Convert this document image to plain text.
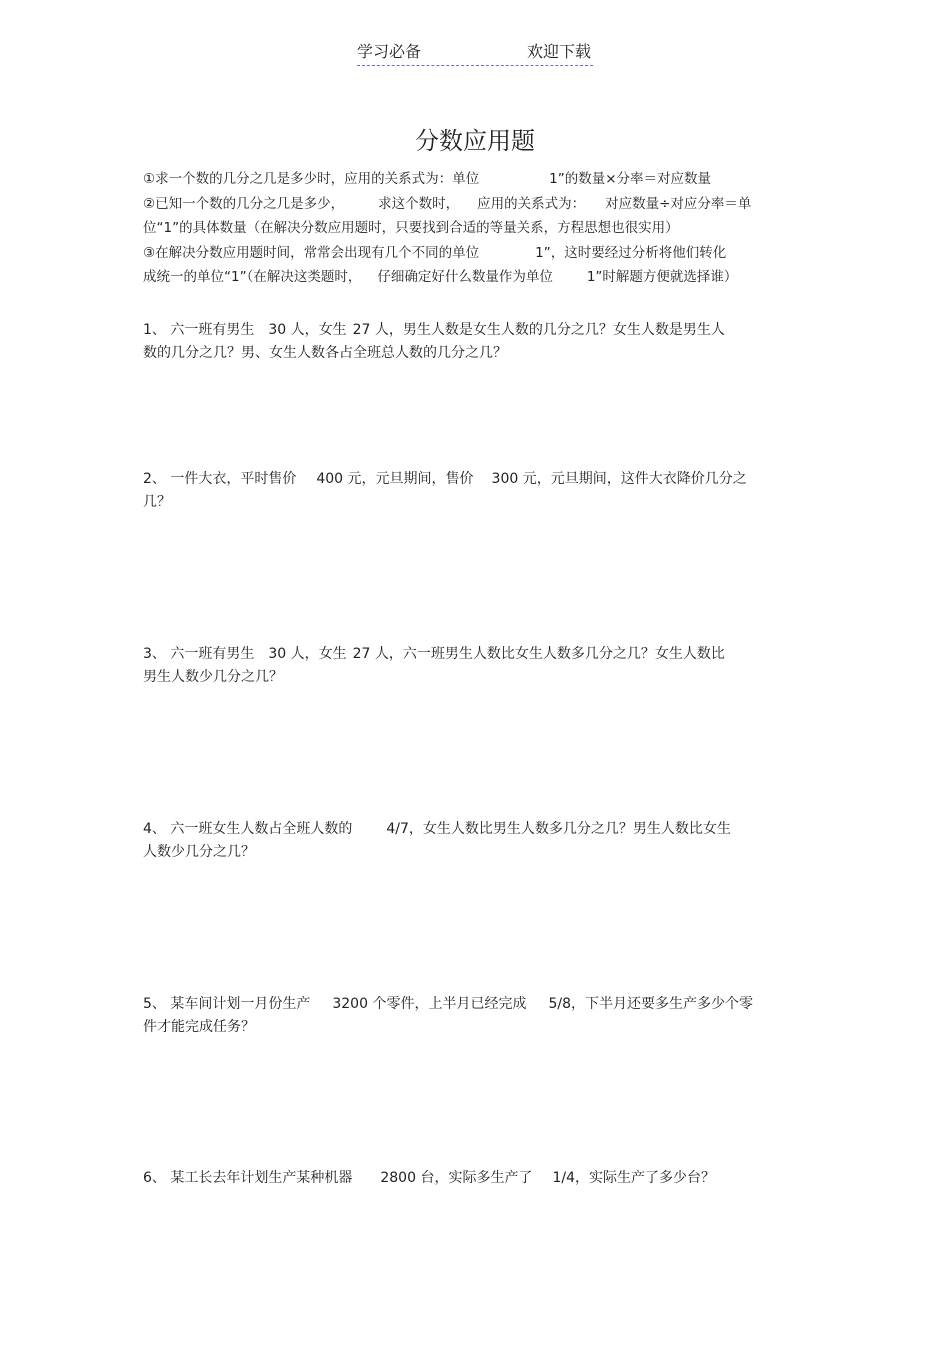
学习必备	欢迎下载
分数应用题

①求一个数的几分之几是多少时，应用的关系式为：单位	1”的数量×分率＝对应数量

②已知一个数的几分之几是多少，	求这个数时， 应用的关系式为： 对应数量÷对应分率＝单

位“1”的具体数量（在解决分数应用题时，只要找到合适的等量关系，方程思想也很实用）

③在解决分数应用题时间，常常会出现有几个不同的单位	1”，这时要经过分析将他们转化

成统一的单位“1”（在解决这类题时， 仔细确定好什么数量作为单位	1”时解题方便就选择谁）

1、 六一班有男生 30 人，女生 27 人，男生人数是女生人数的几分之几？女生人数是男生人

数的几分之几？男、女生人数各占全班总人数的几分之几？

2、 一件大衣，平时售价 400 元，元旦期间，售价 300 元，元旦期间，这件大衣降价几分之

几？

3、 六一班有男生 30 人，女生 27 人，六一班男生人数比女生人数多几分之几？女生人数比

男生人数少几分之几？

4、 六一班女生人数占全班人数的 4/7，女生人数比男生人数多几分之几？男生人数比女生

人数少几分之几？

5、 某车间计划一月份生产 3200 个零件，上半月已经完成 5/8，下半月还要多生产多少个零

件才能完成任务？

6、 某工长去年计划生产某种机器 2800 台，实际多生产了 1/4，实际生产了多少台？
